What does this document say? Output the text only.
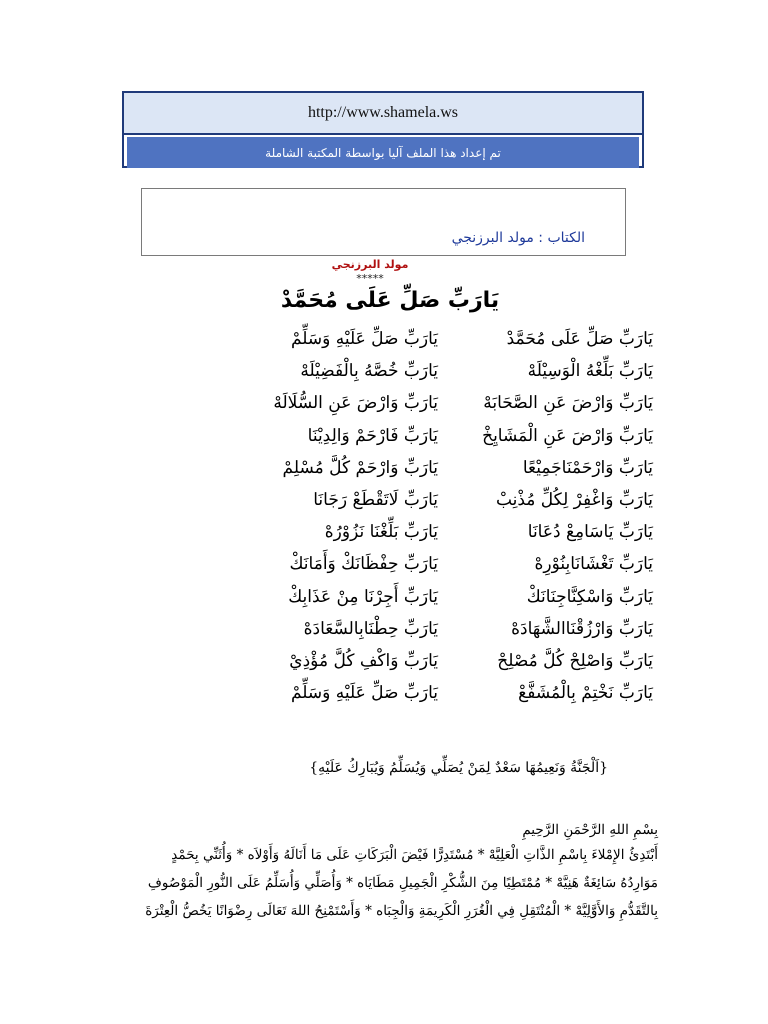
http://www.shamela.ws
تم إعداد هذا الملف آليا بواسطة المكتبة الشاملة
الكتاب : مولد البرزنجي
مولد البرزنجي
*****
يَارَبِّ صَلِّ عَلَى مُحَمَّدْ
يَارَبِّ صَلِّ عَلَى مُحَمَّدْ
يَارَبِّ صَلِّ عَلَيْهِ وَسَلِّمْ
يَارَبِّ بَلِّغْهُ الْوَسِيْلَهْ
يَارَبِّ خُصَّهُ بِالْفَضِيْلَهْ
يَارَبِّ وَارْضَ عَنِ الصَّحَابَهْ
يَارَبِّ وَارْضَ عَنِ السُّلَالَهْ
يَارَبِّ وَارْضَ عَنِ الْمَشَايِخْ
يَارَبِّ فَارْحَمْ وَالِدِيْنَا
يَارَبِّ وَارْحَمْنَاجَمِيْعًا
يَارَبِّ وَارْحَمْ كُلَّ مُسْلِمْ
يَارَبِّ وَاغْفِرْ لِكُلِّ مُذْنِبْ
يَارَبِّ لَاتَقْطَعْ رَجَانَا
يَارَبِّ يَاسَامِعْ دُعَانَا
يَارَبِّ بَلِّغْنَا نَزُوْرُهْ
يَارَبِّ تَغْشَانَابِنُوْرِهْ
يَارَبِّ حِفْظَانَكْ وَأَمَانَكْ
يَارَبِّ وَاسْكِنَّاجِنَانَكْ
يَارَبِّ أَجِرْنَا مِنْ عَذَابِكْ
يَارَبِّ وَارْزُقْنَاالشَّهَادَهْ
يَارَبِّ حِطْنَابِالسَّعَادَهْ
يَارَبِّ وَاصْلِحْ كُلَّ مُصْلِحْ
يَارَبِّ وَاكْفِ كُلَّ مُؤْذِيْ
يَارَبِّ نَخْتِمْ بِالْمُشَفَّعْ
يَارَبِّ صَلِّ عَلَيْهِ وَسَلِّمْ
{اَلْجَنَّةُ وَنَعِيمُهَا سَعْدٌ لِمَنْ يُصَلِّي وَيُسَلِّمُ وَيُبَارِكُ عَلَيْهِ}
بِسْمِ اللهِ الرَّحْمَنِ الرَّحِيمِ
أَبْتَدِئُ الإِمْلاءَ بِاسْمِ الذَّاتِ الْعَلِيَّهْ * مُسْتَدِرًّا فَيْضَ الْبَرَكَاتِ عَلَى مَا أَنَالَهُ وَأَوْلاَه * وَأُثَنِّي بِحَمْدٍ
مَوَارِدُهُ سَائِغَةٌ هَنِيَّهْ * مُمْتَطِيًا مِنَ الشُّكْرِ الْجَمِيلِ مَطَايَاه * وَأُصَلِّي وَأُسَلِّمُ عَلَى النُّورِ الْمَوْصُوفِ
بِالتَّقَدُّمِ وَالأَوَّلِيَّهْ * الْمُنْتَقِلِ فِي الْغُرَرِ الْكَرِيمَةِ وَالْجِبَاه * وَأَسْتَمْنِحُ اللهَ تَعَالَى رِضْوَانًا يَخُصُّ الْعِتْرَةَ
